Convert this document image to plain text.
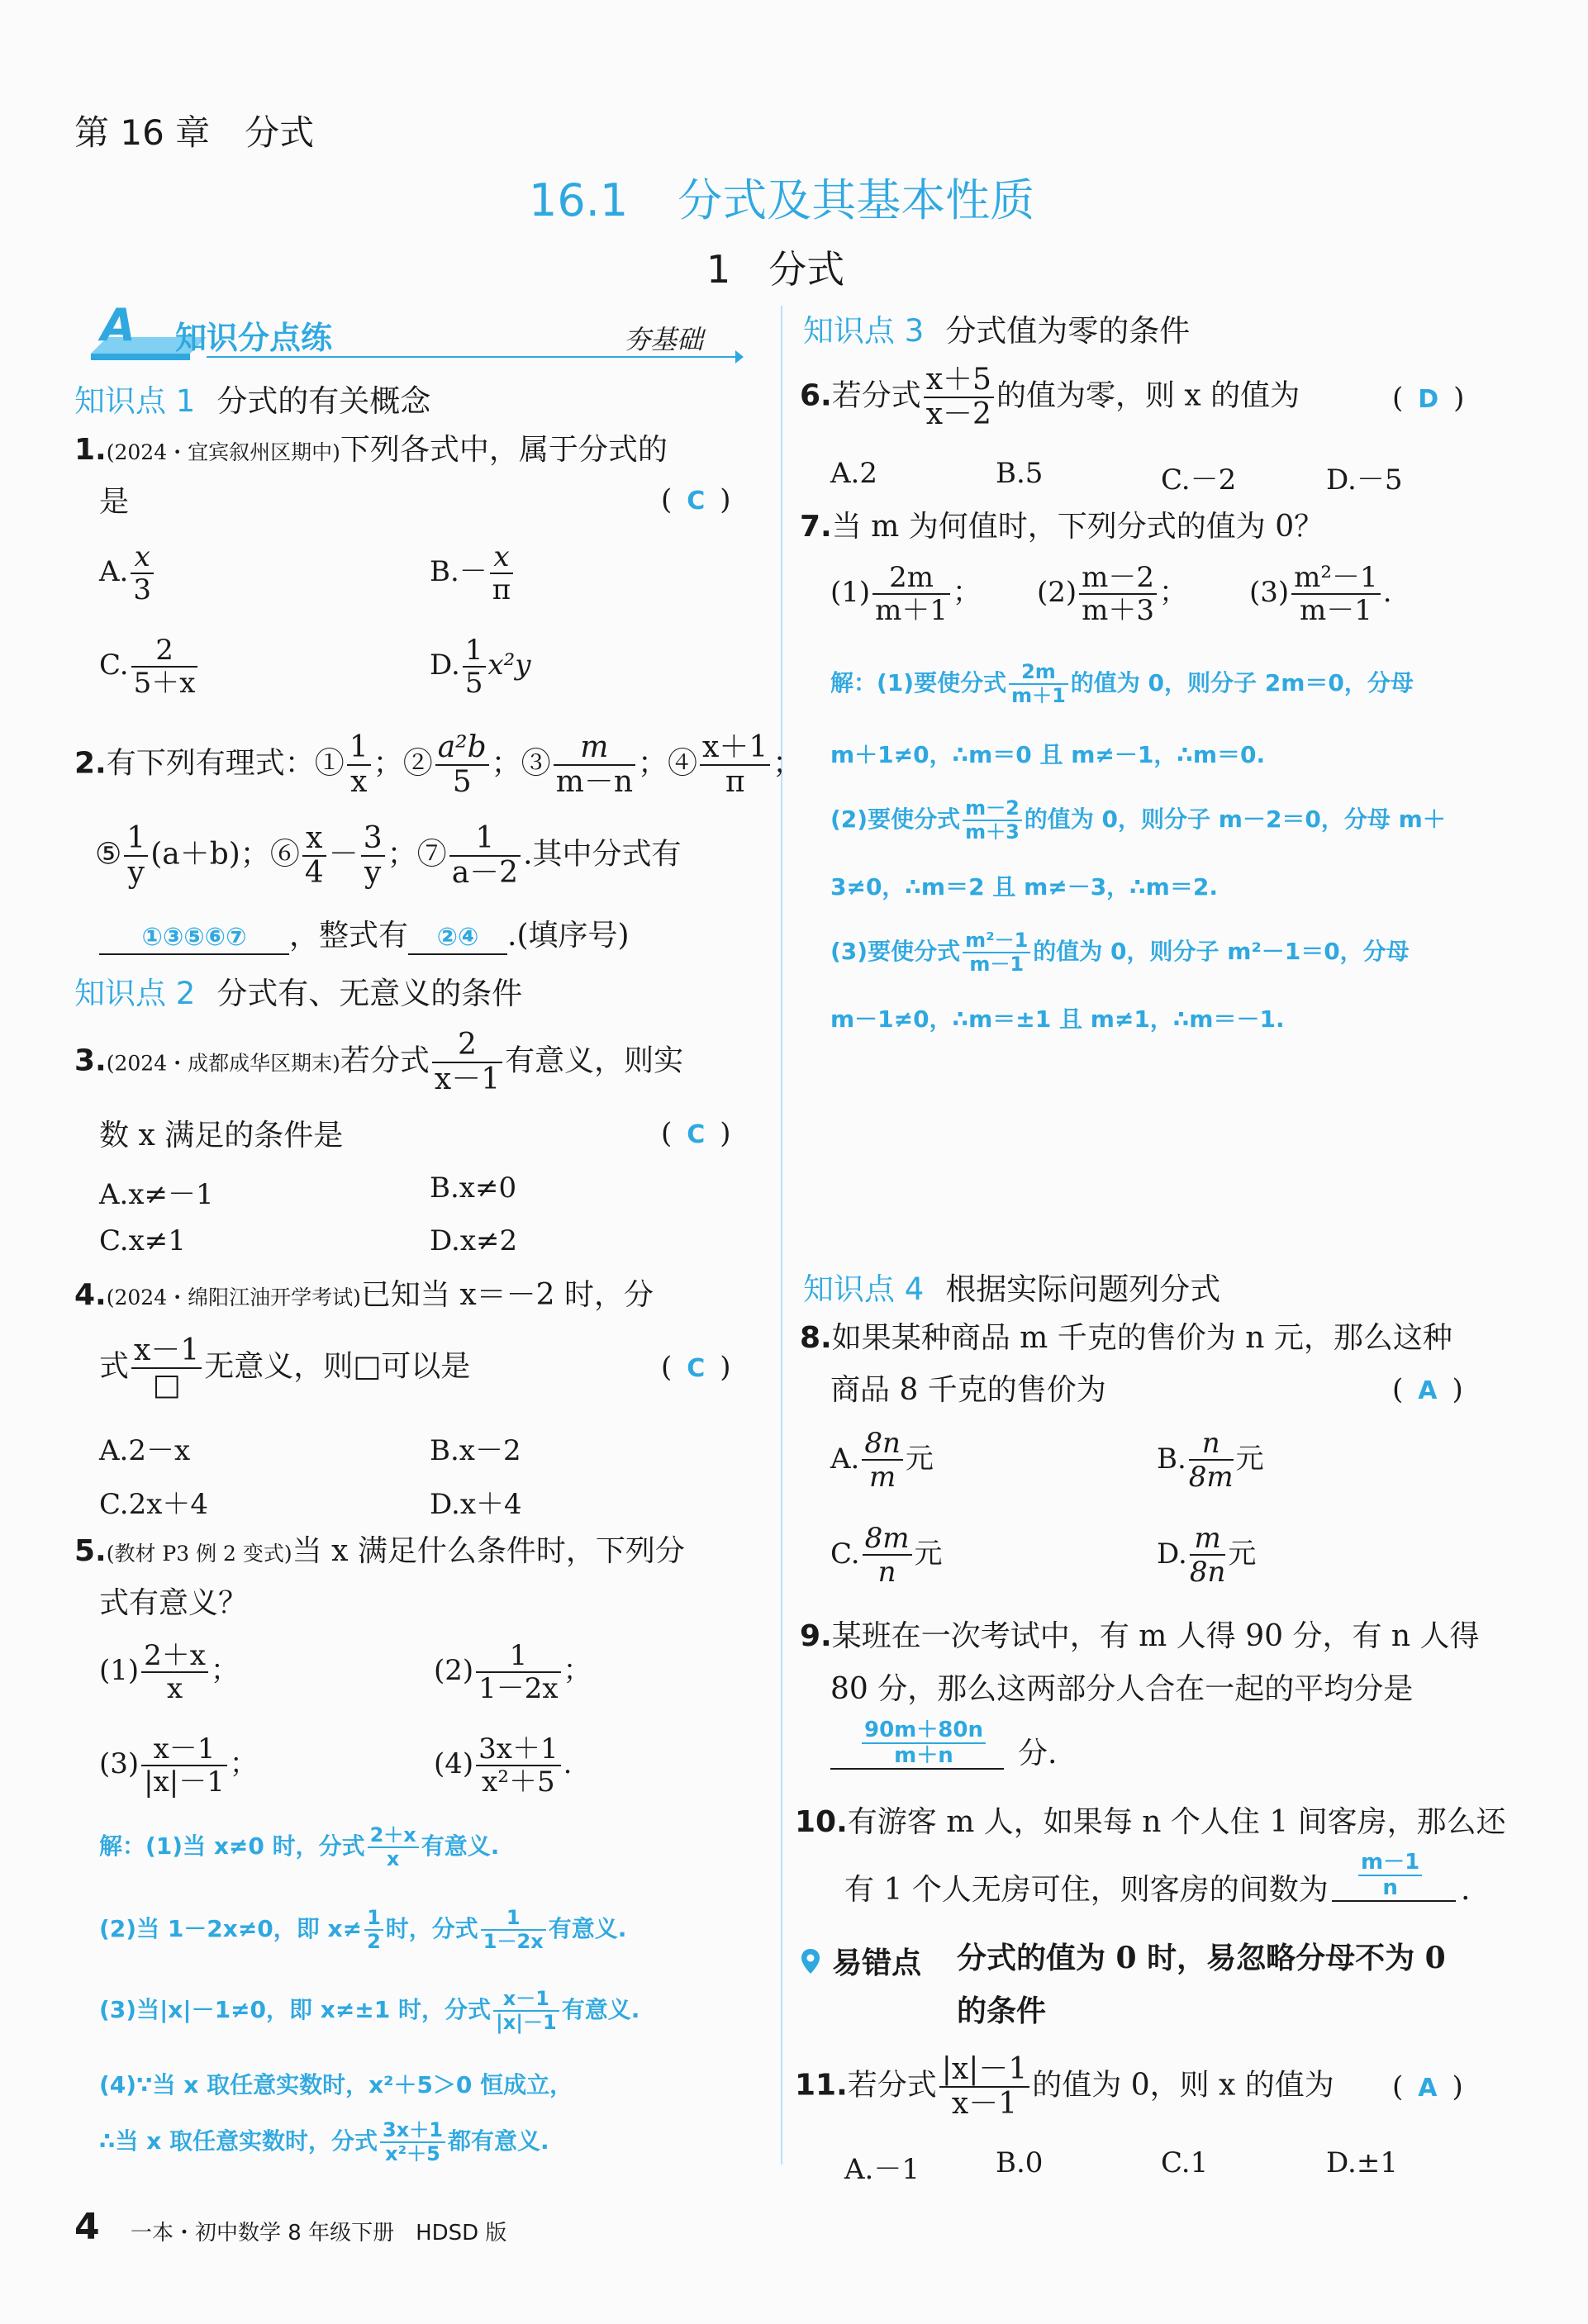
第 16 章　分式
16.1 分式及其基本性质
1 分式
A 知识分点练	夯基础
知识点 1 分式的有关概念
1.(2024・宜宾叙州区期中)下列各式中，属于分式的
是	( C )
A. $\frac{x}{3}$	$B.- \frac{x}{\pi}$
C. $\frac{2}{5+x}$	D. $\frac{1}{5} x^2y$
2.有下列有理式：① $\frac{1}{x}$ ；② $\frac{\text{a²b}}{5}$ ；③ $\frac{m}{m-n}$ ；④ $\frac{x+1}{\pi}$ ；
⑤ $\frac{1}{y} (a+b)$；⑥ $\frac{x}{4} - \frac{3}{y}$ ；⑦ $\frac{1}{a-2}$ .其中分式有
①③⑤⑥⑦ ，整式有 ②④ .(填序号)
知识点 2 分式有、无意义的条件
3.(2024・成都成华区期末)若分式 $\frac{2}{x-1}$ 有意义，则实
数 x 满足的条件是	( C )
A.x≠－1	B.x≠0
C.x≠1	D.x≠2
4.(2024・绵阳江油开学考试)已知当 x＝－2 时，分
式 $\frac{x-1}{□}$ 无意义，则□可以是	( C )
A.2－x	B.x－2
C.2x＋4	D.x＋4
5.(教材 P3 例 2 变式)当 x 满足什么条件时，下列分
式有意义？
$(1) \frac{2+x}{x}$ ；	$(2) \frac{1}{1-2x}$ ；
$(3) \frac{x-1}{|x|-1}$ ；	$(4) \frac{3x+1}{\text{x²＋5}}$ .
解：(1)当 x≠0 时，分式 $\frac{2+x}{x}$ 有意义.
(2)当 1－2x≠0，即 $x\ne \frac{1}{2}$ 时，分式 $\frac{1}{1-2x}$ 有意义.
(3)当|x|－1≠0，即 x≠±1 时，分式 $\frac{x-1}{|x|-1}$ 有意义.
(4)∵当 x 取任意实数时，x²＋5＞0 恒成立，
∴当 x 取任意实数时，分式 $\frac{3x+1}{\text{x²＋5}}$ 都有意义.
知识点 3 分式值为零的条件
6.若分式 $\frac{x+5}{x-2}$ 的值为零，则 x 的值为	( D )
A.2	B.5	C.－2	D.－5
7.当 m 为何值时，下列分式的值为 0？
$(1) \frac{2m}{m+1}$ ； $(2) \frac{m-2}{m+3}$ ； $(3) \frac{\text{m²－1}}{m-1}$ .
解：(1)要使分式 $\frac{2m}{m+1}$ 的值为 0，则分子 2m＝0，分母
m＋1≠0，∴m＝0 且 m≠－1，∴m＝0.
(2)要使分式 $\frac{m-2}{m+3}$ 的值为 0，则分子 m－2＝0，分母 m＋
3≠0，∴m＝2 且 m≠－3，∴m＝2.
(3)要使分式 $\frac{\text{m²－1}}{m-1}$ 的值为 0，则分子 m²－1＝0，分母
m－1≠0，∴m＝±1 且 m≠1，∴m＝－1.
知识点 4 根据实际问题列分式
8.如果某种商品 m 千克的售价为 n 元，那么这种
商品 8 千克的售价为	( A )
A. $\frac{8n}{m}$元	B. $\frac{n}{8m}$元
C. $\frac{8m}{n}$元	D. $\frac{m}{8n}$元
9.某班在一次考试中，有 m 人得 90 分，有 n 人得
80 分，那么这两部分人合在一起的平均分是
$\frac{90m+80n}{m+n}$ 分.
10.有游客 m 人，如果每 n 个人住 1 间客房，那么还
有 1 个人无房可住，则客房的间数为 $\frac{m-1}{n}$ .
易错点 分式的值为 0 时，易忽略分母不为 0
的条件
11.若分式 $\frac{|x|-1}{x-1}$ 的值为 0，则 x 的值为 ( A )
A.－1	B.0	C.1	D.±1
4 一本・初中数学 8 年级下册　HDSD 版
